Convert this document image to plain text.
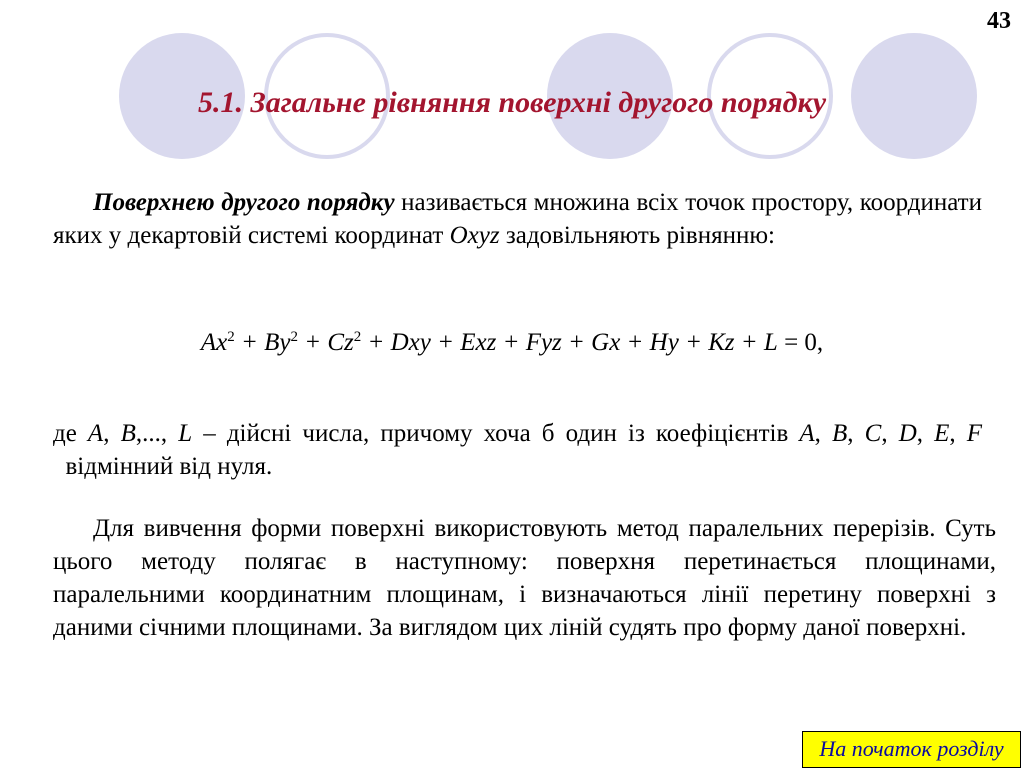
43
5.1. Загальне рівняння поверхні другого порядку
Поверхнею другого порядку називається множина всіх точок простору, координати яких у декартовій системі координат Oxyz задовільняють рівнянню:
$Ax^2 + By^2 + Cz^2$ + Dxy + Exz + Fyz + Gx + Hy + Кz + L = 0,
де A, B,..., L – дійсні числа, причому хоча б один із коефіцієнтів A, B, C, D, E, F  відмінний від нуля.
Для вивчення форми поверхні використовують метод паралельних перерізів. Суть цього методу полягає в наступному: поверхня перетинається площинами, паралельними координатним площинам, і визначаються лінії перетину поверхні з даними січними площинами. За виглядом цих ліній судять про форму даної поверхні.
На початок розділу
